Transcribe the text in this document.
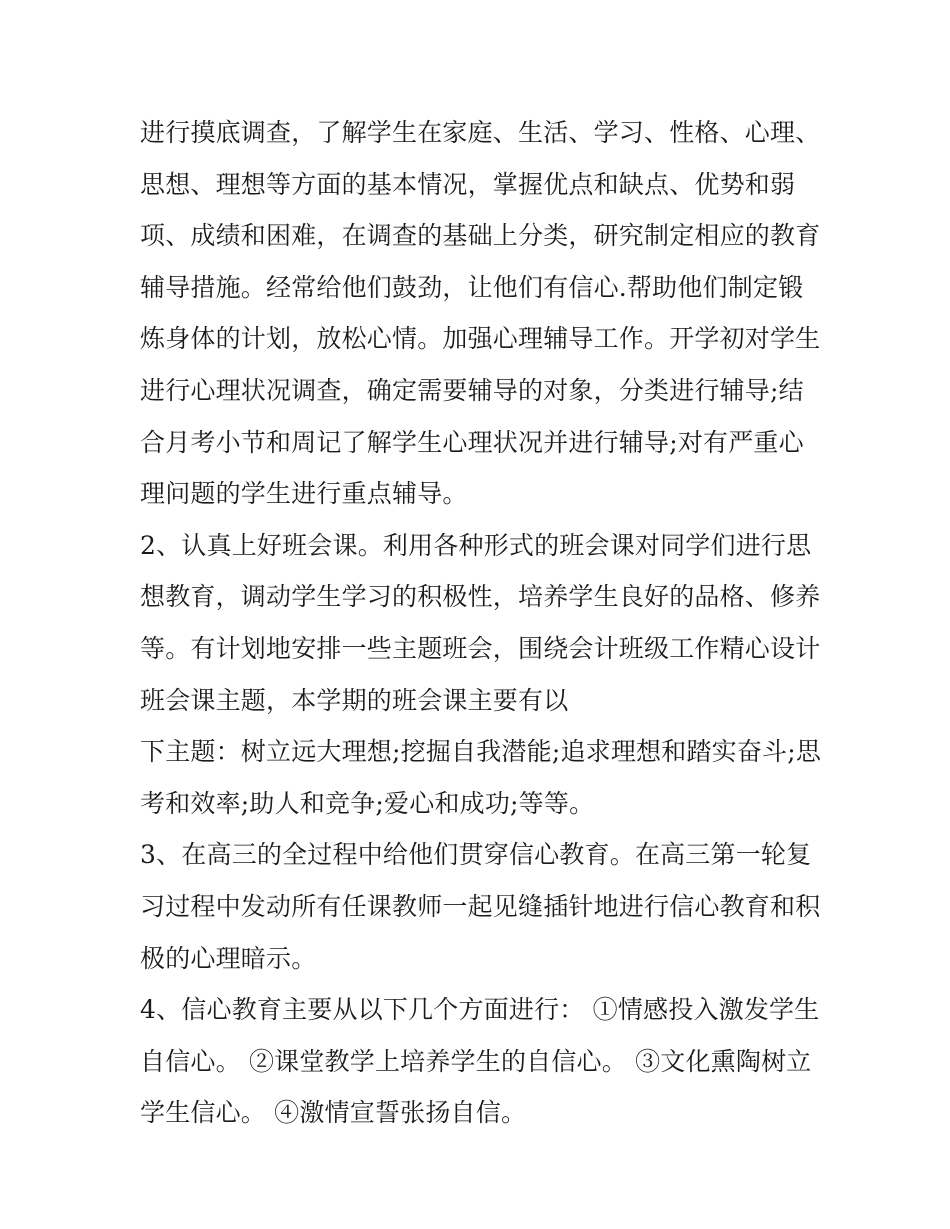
进行摸底调查，了解学生在家庭、生活、学习、性格、心理、
思想、理想等方面的基本情况，掌握优点和缺点、优势和弱
项、成绩和困难，在调查的基础上分类，研究制定相应的教育
辅导措施。经常给他们鼓劲，让他们有信心.帮助他们制定锻
炼身体的计划，放松心情。加强心理辅导工作。开学初对学生
进行心理状况调查，确定需要辅导的对象，分类进行辅导;结
合月考小节和周记了解学生心理状况并进行辅导;对有严重心
理问题的学生进行重点辅导。
2、认真上好班会课。利用各种形式的班会课对同学们进行思
想教育，调动学生学习的积极性，培养学生良好的品格、修养
等。有计划地安排一些主题班会，围绕会计班级工作精心设计
班会课主题，本学期的班会课主要有以
下主题：树立远大理想;挖掘自我潜能;追求理想和踏实奋斗;思
考和效率;助人和竞争;爱心和成功;等等。
3、在高三的全过程中给他们贯穿信心教育。在高三第一轮复
习过程中发动所有任课教师一起见缝插针地进行信心教育和积
极的心理暗示。
4、信心教育主要从以下几个方面进行： ①情感投入激发学生
自信心。 ②课堂教学上培养学生的自信心。 ③文化熏陶树立
学生信心。 ④激情宣誓张扬自信。
